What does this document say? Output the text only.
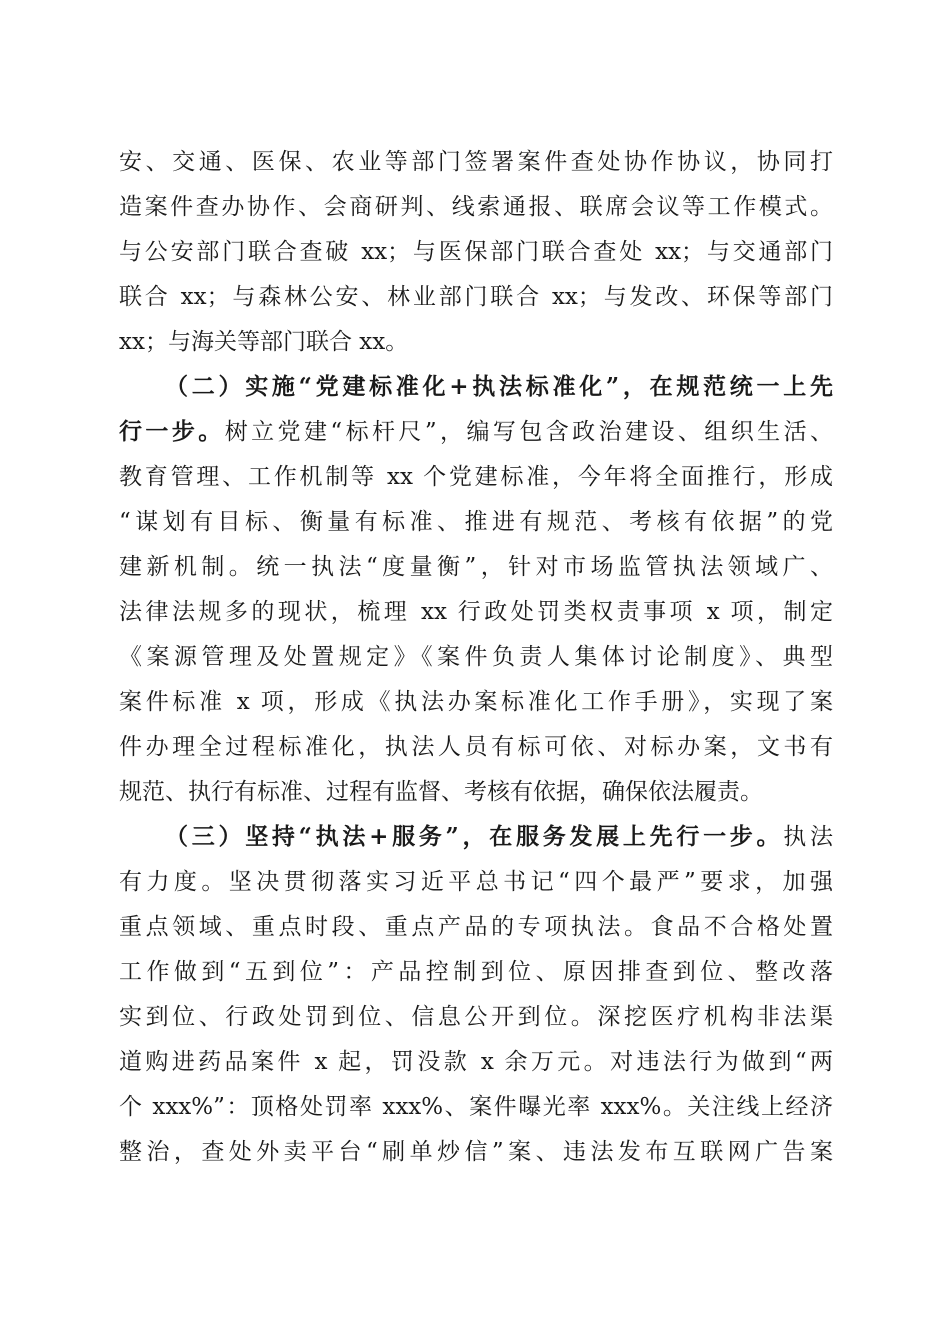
安、交通、医保、农业等部门签署案件查处协作协议，协同打
造案件查办协作、会商研判、线索通报、联席会议等工作模式。
与公安部门联合查破 xx；与医保部门联合查处 xx；与交通部门
联合 xx；与森林公安、林业部门联合 xx；与发改、环保等部门
xx；与海关等部门联合 xx。
（二）实施“党建标准化+执法标准化”，在规范统一上先
行一步。树立党建“标杆尺”，编写包含政治建设、组织生活、
教育管理、工作机制等 xx 个党建标准，今年将全面推行，形成
“谋划有目标、衡量有标准、推进有规范、考核有依据”的党
建新机制。统一执法“度量衡”，针对市场监管执法领域广、
法律法规多的现状，梳理 xx 行政处罚类权责事项 x 项，制定
《案源管理及处置规定》《案件负责人集体讨论制度》、典型
案件标准 x 项，形成《执法办案标准化工作手册》，实现了案
件办理全过程标准化，执法人员有标可依、对标办案，文书有
规范、执行有标准、过程有监督、考核有依据，确保依法履责。
（三）坚持“执法+服务”，在服务发展上先行一步。执法
有力度。坚决贯彻落实习近平总书记“四个最严”要求，加强
重点领域、重点时段、重点产品的专项执法。食品不合格处置
工作做到“五到位”：产品控制到位、原因排查到位、整改落
实到位、行政处罚到位、信息公开到位。深挖医疗机构非法渠
道购进药品案件 x 起，罚没款 x 余万元。对违法行为做到“两
个 xxx%”：顶格处罚率 xxx%、案件曝光率 xxx%。关注线上经济
整治，查处外卖平台“刷单炒信”案、违法发布互联网广告案
